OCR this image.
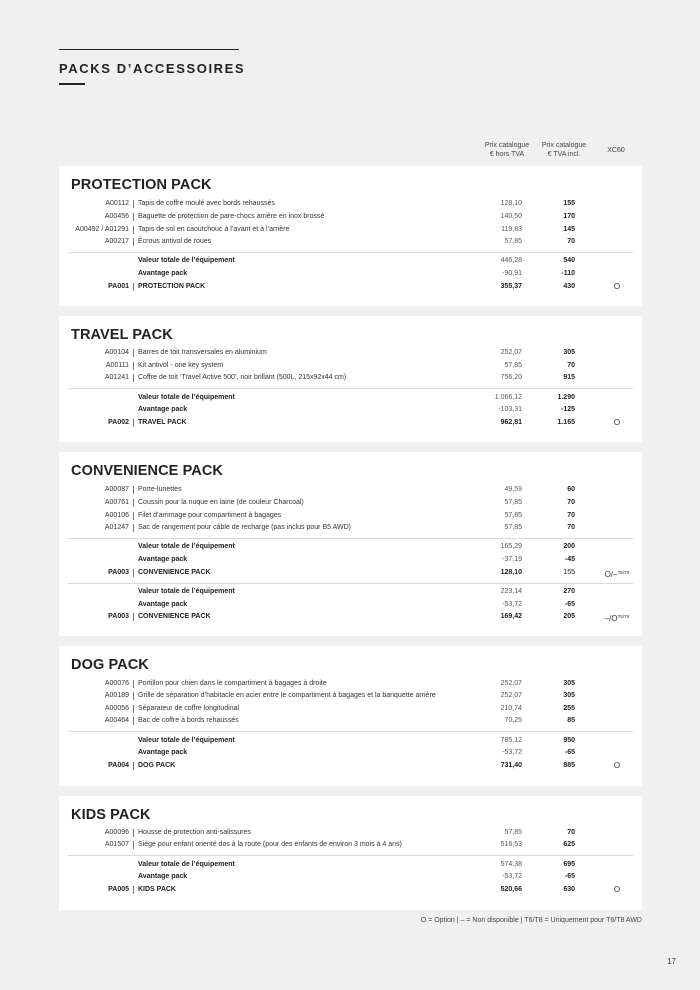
PACKS D’ACCESSOIRES
Prix catalogue
€ hors TVA
Prix catalogue
€ TVA incl.
XC60
PROTECTION PACK
A00112 Tapis de coffre moulé avec bords rehaussés	128,10	155
A00456 Baguette de protection de pare-chocs arrière en inox brossé	140,50	170
A00492 / A01291 Tapis de sol en caoutchouc à l’avant et à l’arrière	119,83	145
A00217 Écrous antivol de roues	57,85	70
Valeur totale de l’équipement	446,28	540
Avantage pack	-90,91	-110
PA001 PROTECTION PACK	355,37	430	O
TRAVEL PACK
A00104 Barres de toit transversales en aluminium	252,07	305
A00111 Kit antivol - one key system	57,85	70
A01241 Coffre de toit ‘Travel Active 500’, noir brillant (500L, 215x92x44 cm)	756,20	915
Valeur totale de l’équipement	1.066,12	1.290
Avantage pack	-103,31	-125
PA002 TRAVEL PACK	962,81	1.165	O
CONVENIENCE PACK
A00087 Porte-lunettes	49,59	60
A00761 Coussin pour la nuque en laine (de couleur Charcoal)	57,85	70
A00106 Filet d’arrimage pour compartiment à bagages	57,85	70
A01247 Sac de rangement pour câble de recharge (pas inclus pour B5 AWD)	57,85	70
Valeur totale de l’équipement	165,29	200
Avantage pack	-37,19	-45
PA003 CONVENIENCE PACK	128,10	155	O/–$^{T6/T8}$
Valeur totale de l’équipement	223,14	270
Avantage pack	-53,72	-65
PA003 CONVENIENCE PACK	169,42	205	$-/O^{T6/T8}$
DOG PACK
A00076 Portillon pour chien dans le compartiment à bagages à droite	252,07	305
A00189 Grille de séparation d’habitacle en acier entre le compartiment à bagages et la banquette arrière	252,07	305
A00056 Séparateur de coffre longitudinal	210,74	255
A00464 Bac de coffre à bords rehaussés	70,25	85
Valeur totale de l’équipement	785,12	950
Avantage pack	-53,72	-65
PA004 DOG PACK	731,40	885	O
KIDS PACK
A00096 Housse de protection anti-salissures	57,85	70
A01507 Siège pour enfant orienté dos à la route (pour des enfants de environ 3 mois à 4 ans)	516,53	625
Valeur totale de l’équipement	574,38	695
Avantage pack	-53,72	-65
PA005 KIDS PACK	520,66	630	O
O = Option | – = Non disponible | T6/T8 = Uniquement pour T6/T8 AWD
17
